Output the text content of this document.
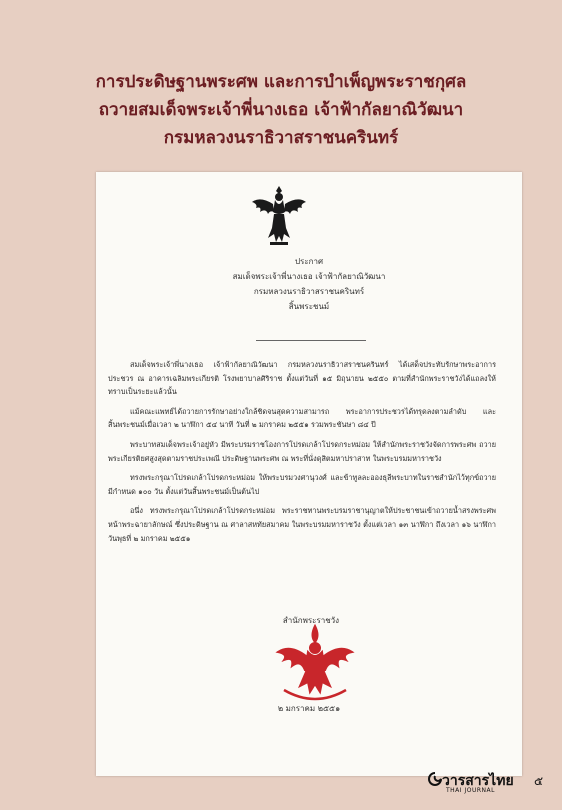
การประดิษฐานพระศพ และการบำเพ็ญพระราชกุศล
ถวายสมเด็จพระเจ้าพี่นางเธอ เจ้าฟ้ากัลยาณิวัฒนา
กรมหลวงนราธิวาสราชนครินทร์
ประกาศ
สมเด็จพระเจ้าพี่นางเธอ เจ้าฟ้ากัลยาณิวัฒนา
กรมหลวงนราธิวาสราชนครินทร์
สิ้นพระชนม์

สมเด็จพระเจ้าพี่นางเธอ เจ้าฟ้ากัลยาณิวัฒนา กรมหลวงนราธิวาสราชนครินทร์ ได้เสด็จประทับรักษาพระอาการประชวร ณ อาคารเฉลิมพระเกียรติ โรงพยาบาลศิริราช ตั้งแต่วันที่ ๑๕ มิถุนายน ๒๕๕๐ ตามที่สำนักพระราชวังได้แถลงให้ทราบเป็นระยะแล้วนั้น

แม้คณะแพทย์ได้ถวายการรักษาอย่างใกล้ชิดจนสุดความสามารถ พระอาการประชวรได้ทรุดลงตามลำดับ และสิ้นพระชนม์เมื่อเวลา ๒ นาฬิกา ๕๔ นาที วันที่ ๒ มกราคม ๒๕๕๑ รวมพระชันษา ๘๔ ปี

พระบาทสมเด็จพระเจ้าอยู่หัว มีพระบรมราชโองการโปรดเกล้าโปรดกระหม่อม ให้สำนักพระราชวังจัดการพระศพ ถวายพระเกียรติยศสูงสุดตามราชประเพณี ประดิษฐานพระศพ ณ พระที่นั่งดุสิตมหาปราสาท ในพระบรมมหาราชวัง

ทรงพระกรุณาโปรดเกล้าโปรดกระหม่อม ให้พระบรมวงศานุวงศ์ และข้าทูลละอองธุลีพระบาทในราชสำนักไว้ทุกข์ถวายมีกำหนด ๑๐๐ วัน ตั้งแต่วันสิ้นพระชนม์เป็นต้นไป

อนึ่ง ทรงพระกรุณาโปรดเกล้าโปรดกระหม่อม พระราชทานพระบรมราชานุญาตให้ประชาชนเข้าถวายน้ำสรงพระศพหน้าพระฉายาลักษณ์ ซึ่งประดิษฐาน ณ ศาลาสหทัยสมาคม ในพระบรมมหาราชวัง ตั้งแต่เวลา ๑๓ นาฬิกา ถึงเวลา ๑๖ นาฬิกา วันพุธที่ ๒ มกราคม ๒๕๕๑

สำนักพระราชวัง
๒ มกราคม ๒๕๕๑
วารสารไทย
THAI JOURNAL
๕
